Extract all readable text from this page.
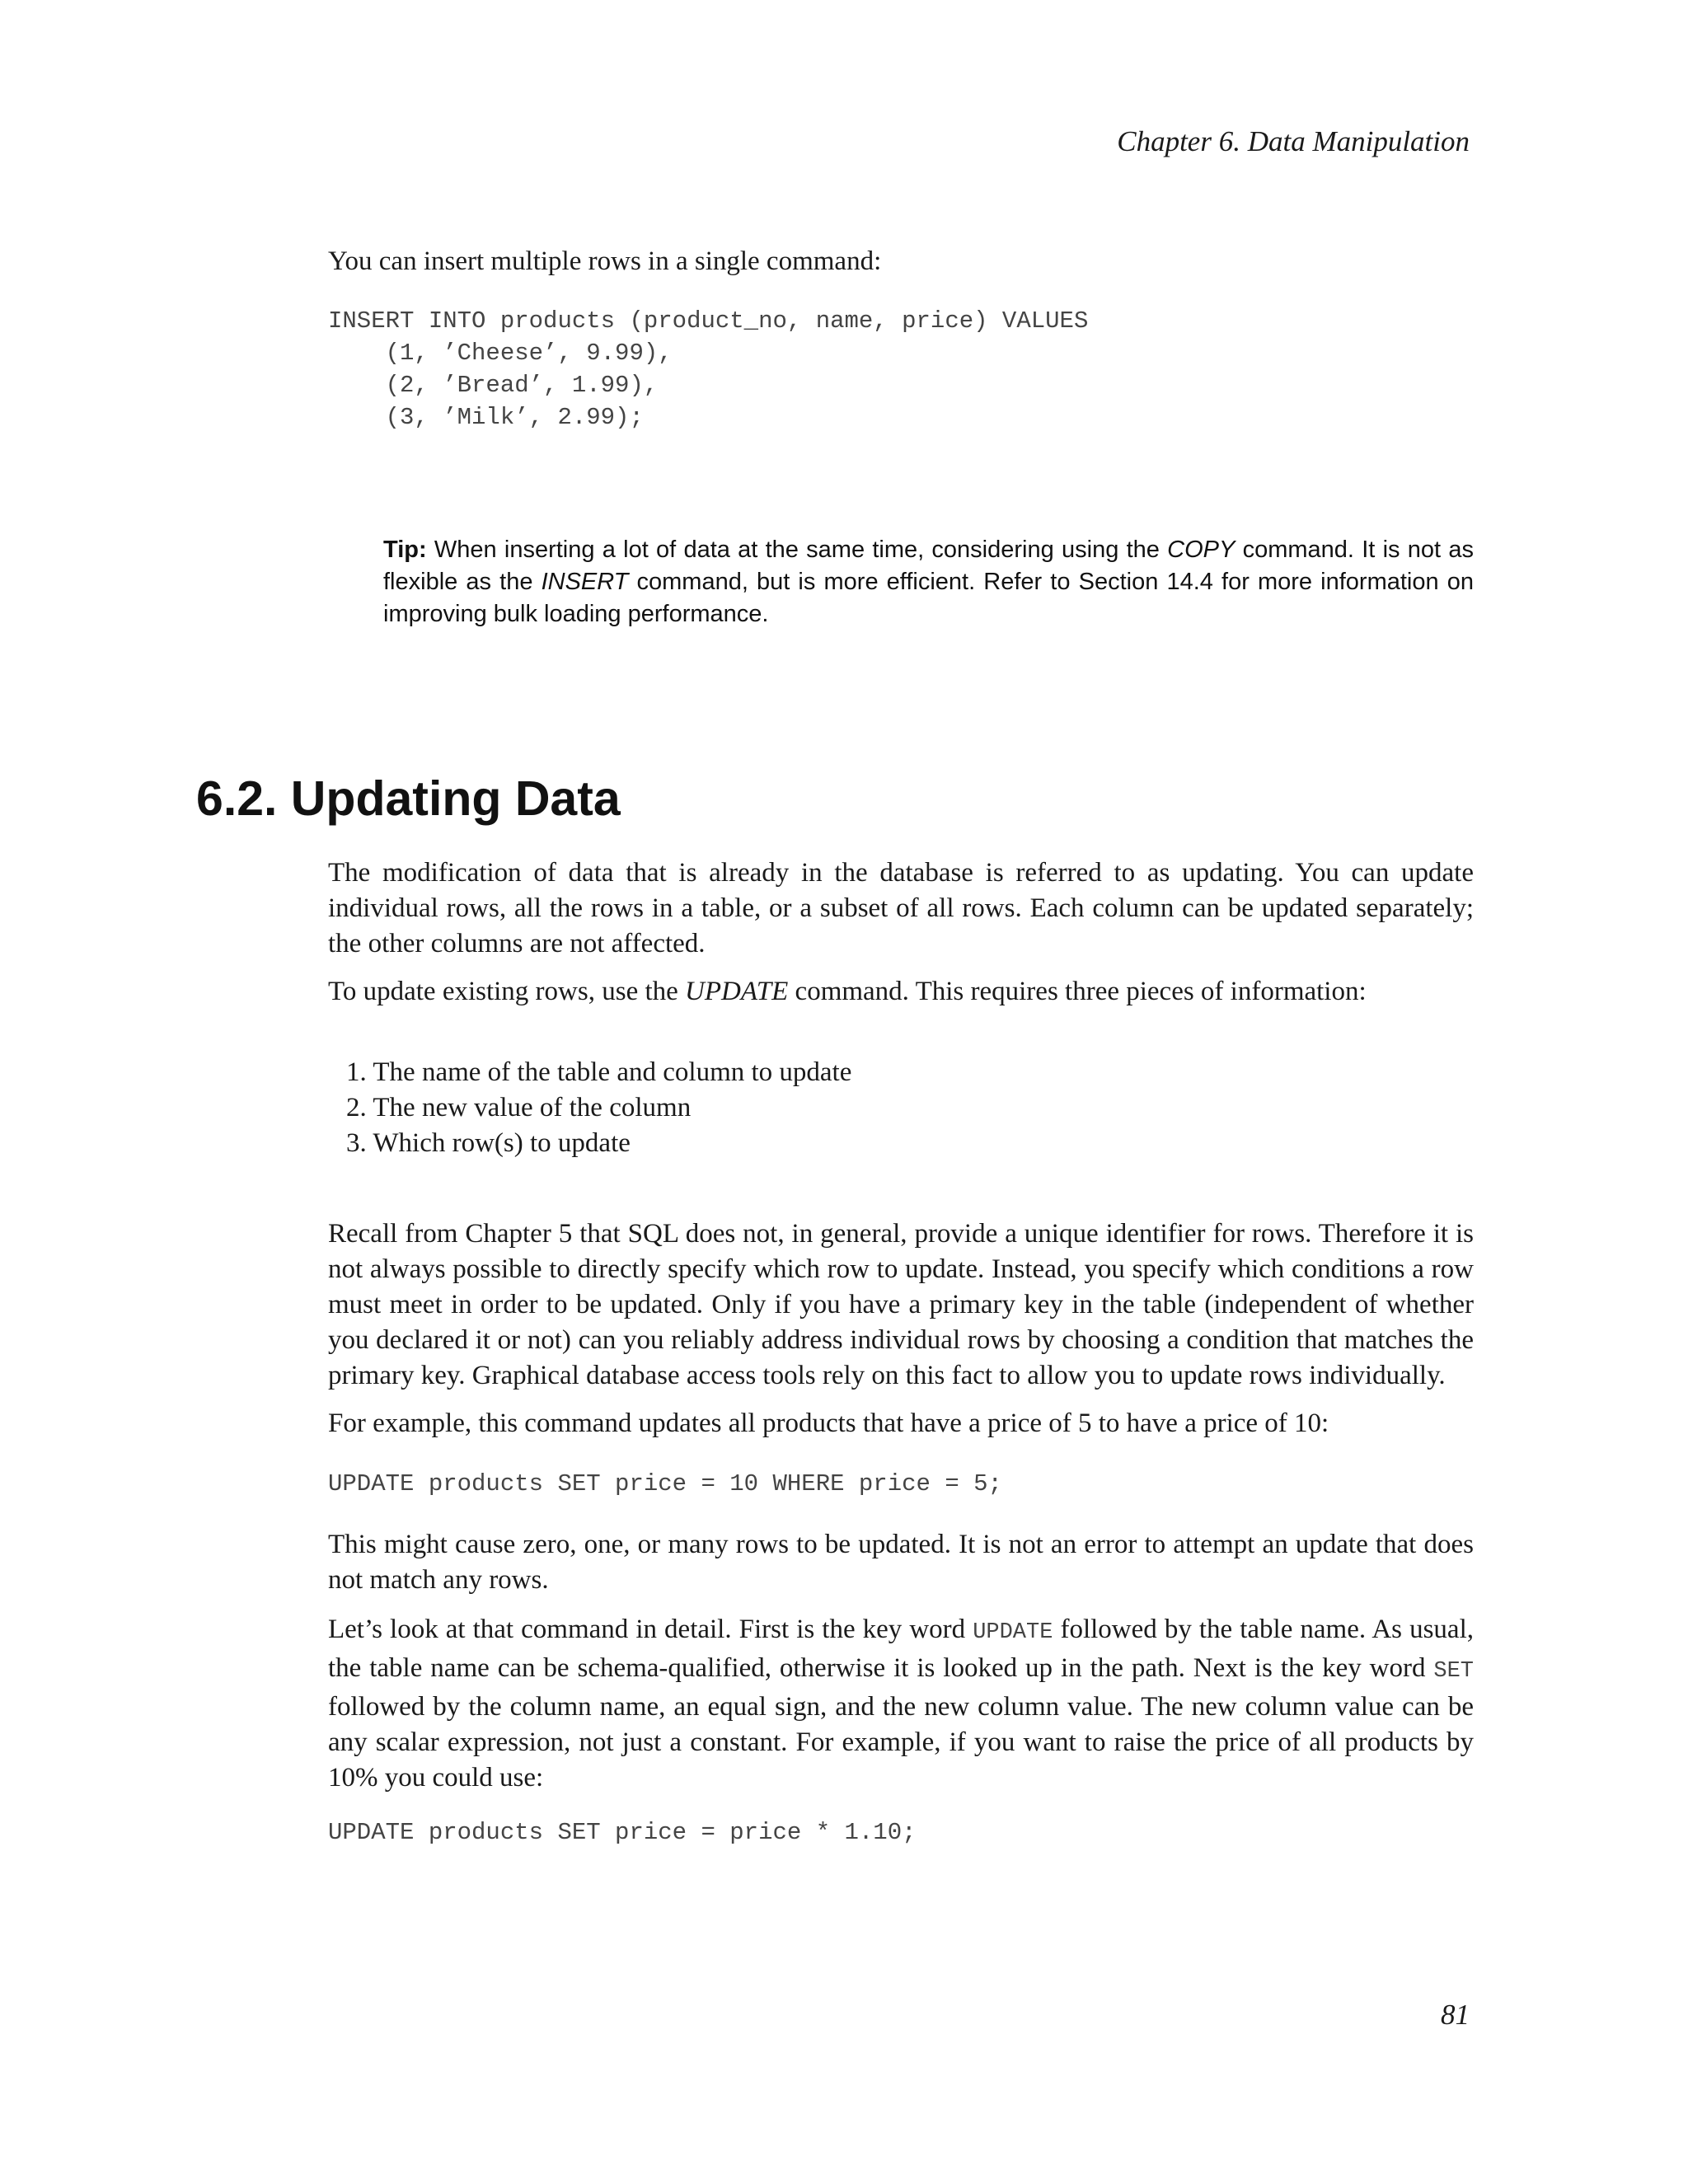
Chapter 6. Data Manipulation

You can insert multiple rows in a single command:

INSERT INTO products (product_no, name, price) VALUES
(1, ’Cheese’, 9.99),
(2, ’Bread’, 1.99),
(3, ’Milk’, 2.99);
Tip: When inserting a lot of data at the same time, considering using the COPY command. It is not as flexible as the INSERT command, but is more efficient. Refer to Section 14.4 for more information on improving bulk loading performance.
6.2. Updating Data

The modification of data that is already in the database is referred to as updating. You can update individual rows, all the rows in a table, or a subset of all rows. Each column can be updated separately; the other columns are not affected.

To update existing rows, use the UPDATE command. This requires three pieces of information:

1. The name of the table and column to update
2. The new value of the column
3. Which row(s) to update

Recall from Chapter 5 that SQL does not, in general, provide a unique identifier for rows. Therefore it is not always possible to directly specify which row to update. Instead, you specify which conditions a row must meet in order to be updated. Only if you have a primary key in the table (independent of whether you declared it or not) can you reliably address individual rows by choosing a condition that matches the primary key. Graphical database access tools rely on this fact to allow you to update rows individually.

For example, this command updates all products that have a price of 5 to have a price of 10:

UPDATE products SET price = 10 WHERE price = 5;

This might cause zero, one, or many rows to be updated. It is not an error to attempt an update that does not match any rows.

Let’s look at that command in detail. First is the key word UPDATE followed by the table name. As usual, the table name can be schema-qualified, otherwise it is looked up in the path. Next is the key word SET followed by the column name, an equal sign, and the new column value. The new column value can be any scalar expression, not just a constant. For example, if you want to raise the price of all products by 10% you could use:

UPDATE products SET price = price * 1.10;
81
